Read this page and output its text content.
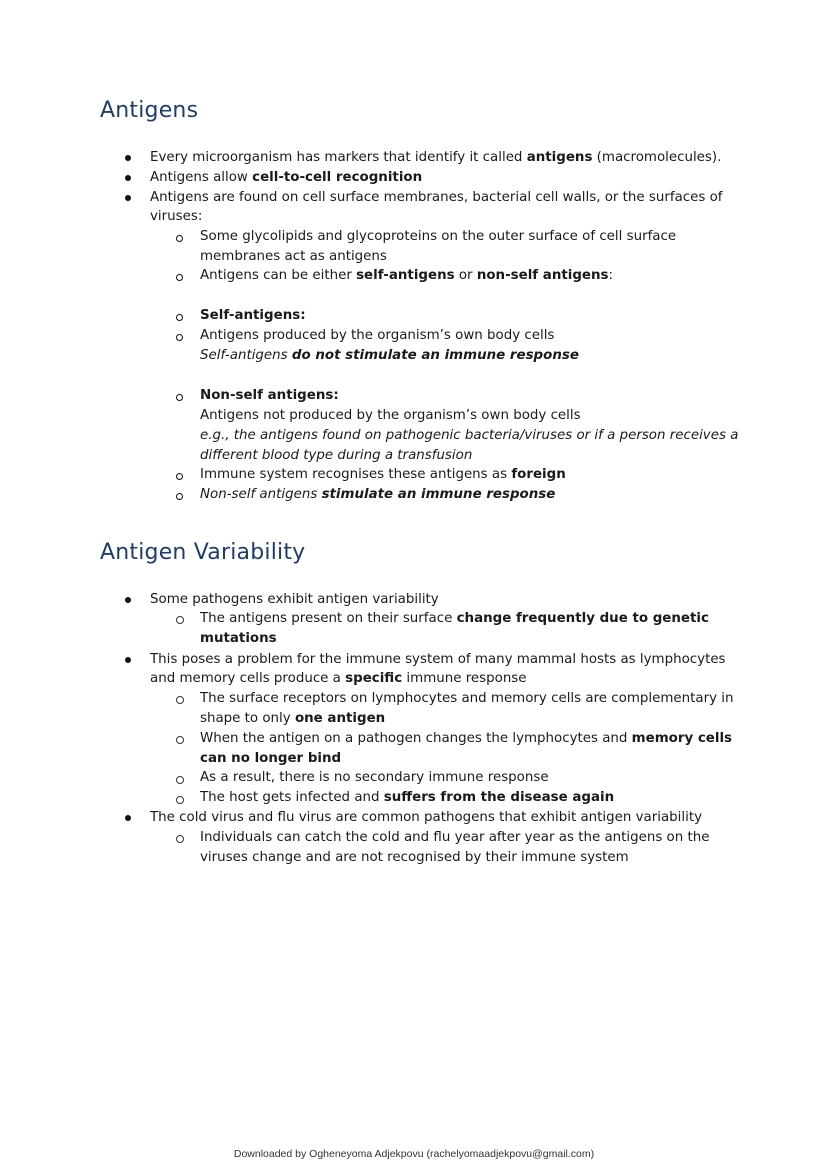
Antigens
Every microorganism has markers that identify it called antigens (macromolecules).
Antigens allow cell-to-cell recognition
Antigens are found on cell surface membranes, bacterial cell walls, or the surfaces of
viruses:
Some glycolipids and glycoproteins on the outer surface of cell surface
membranes act as antigens
Antigens can be either self-antigens or non-self antigens:
Self-antigens:
Antigens produced by the organism’s own body cells
Self-antigens do not stimulate an immune response
Non-self antigens:
Antigens not produced by the organism’s own body cells
e.g., the antigens found on pathogenic bacteria/viruses or if a person receives a
different blood type during a transfusion
Immune system recognises these antigens as foreign
Non-self antigens stimulate an immune response
Antigen Variability
Some pathogens exhibit antigen variability
The antigens present on their surface change frequently due to genetic
mutations
This poses a problem for the immune system of many mammal hosts as lymphocytes
and memory cells produce a specific immune response
The surface receptors on lymphocytes and memory cells are complementary in
shape to only one antigen
When the antigen on a pathogen changes the lymphocytes and memory cells
can no longer bind
As a result, there is no secondary immune response
The host gets infected and suffers from the disease again
The cold virus and flu virus are common pathogens that exhibit antigen variability
Individuals can catch the cold and flu year after year as the antigens on the
viruses change and are not recognised by their immune system
Downloaded by Ogheneyoma Adjekpovu (rachelyomaadjekpovu@gmail.com)
